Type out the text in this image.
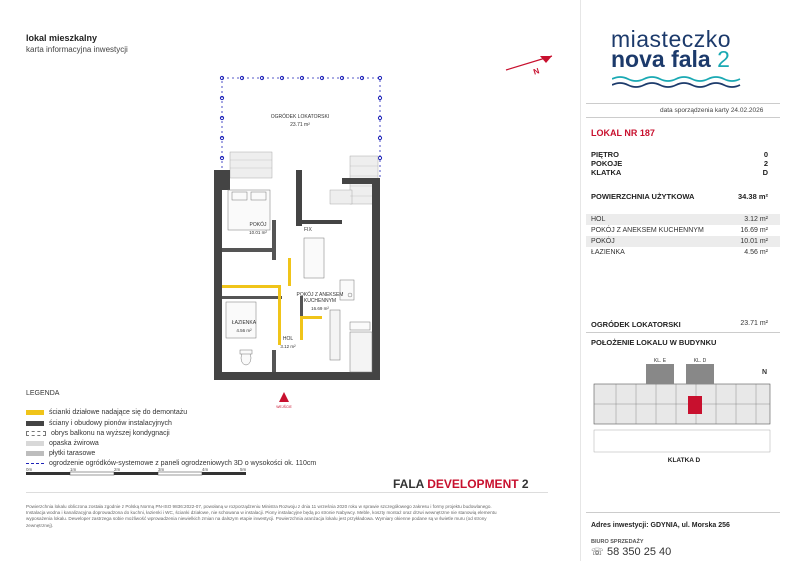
lokal mieszkalny
karta informacyjna inwestycji
N
OGRÓDEK LOKATORSKI
23.71 m²
POKÓJ
10.01 m²
POKÓJ Z ANEKSEM
KUCHENNYM
16.69 m²
FIX
ŁAZIENKA
4.56 m²
HOL
3.12 m²
WEJŚCIE
LEGENDA
ścianki działowe nadające się do demontażu
ściany i obudowy pionów instalacyjnych
obrys balkonu na wyższej kondygnacji
opaska żwirowa
płytki tarasowe
ogrodzenie ogródków-systemowe z paneli ogrodzeniowych 3D o wysokości ok. 110cm
0m	1m	2m	3m	4m	5m
FALA DEVELOPMENT 2
Powierzchnia lokalu obliczona została zgodnie z Polską Normą PN-ISO 9836:2022-07, powołaną w rozporządzeniu Ministra Rozwoju z dnia 11 września 2020 roku w sprawie szczegółowego zakresu i formy projektu budowlanego. Instalacja wodna i kanalizacyjna doprowadzona do kuchni, łazienki i WC, ścianki działowe, nie schowana w instalacji. Piony instalacyjne będą po stronie Nabywcy. Meble, koszty montaż oraz drzwi wewnętrzne nie stanowią elementu wyposażenia lokalu. Deweloper zastrzega sobie możliwość wprowadzenia niewielkich zmian na dalszym etapie inwestycji. Powierzchnia aranżacja lokalu jest przykładowa. Wymiary okienne podane są w świetle muru (od strony zewnętrznej).
miasteczko
nova fala 2
data sporządzenia karty 24.02.2026
LOKAL NR 187
PIĘTRO	0
POKOJE	2
KLATKA	D
POWIERZCHNIA UŻYTKOWA	34.38 m²
HOL	3.12 m²
POKÓJ Z ANEKSEM KUCHENNYM	16.69 m²
POKÓJ	10.01 m²
ŁAZIENKA	4.56 m²
OGRÓDEK LOKATORSKI	23.71 m²
POŁOŻENIE LOKALU W BUDYNKU
KL. E	KL. D
KLATKA D
N
Adres inwestycji: GDYNIA, ul. Morska 256
BIURO SPRZEDAŻY
☏ 58 350 25 40
